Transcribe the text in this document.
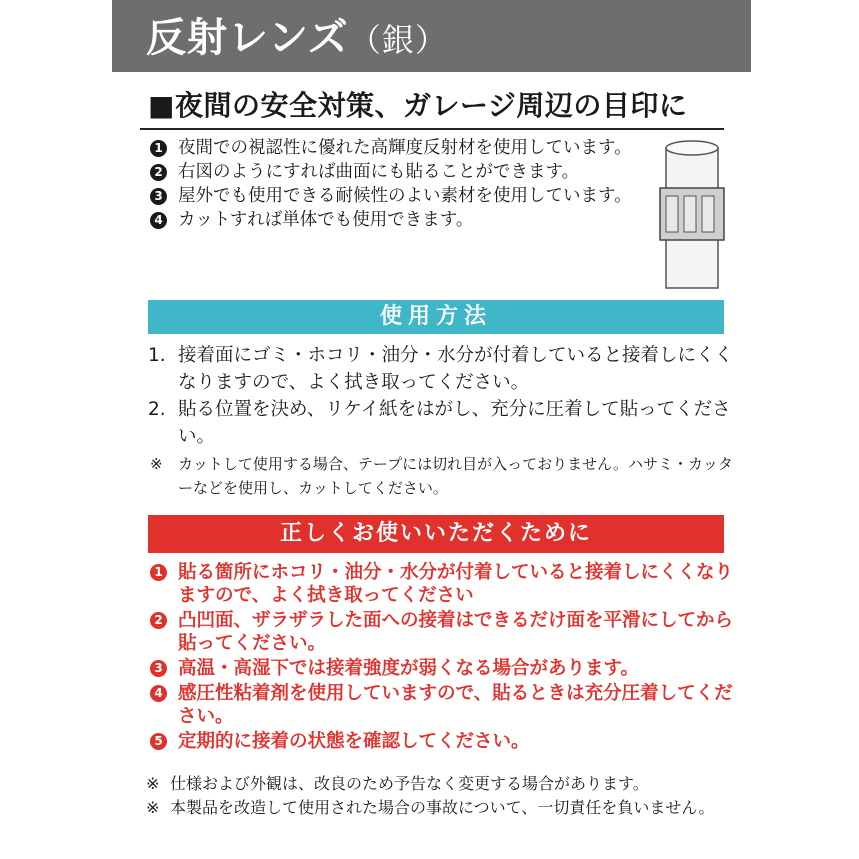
反射レンズ（銀）
■夜間の安全対策、ガレージ周辺の目印に
1 夜間での視認性に優れた高輝度反射材を使用しています。
2 右図のようにすれば曲面にも貼ることができます。
3 屋外でも使用できる耐候性のよい素材を使用しています。
4 カットすれば単体でも使用できます。
使用方法
1. 接着面にゴミ・ホコリ・油分・水分が付着していると接着しにくくなりますので、よく拭き取ってください。
2. 貼る位置を決め、リケイ紙をはがし、充分に圧着して貼ってください。
※ カットして使用する場合、テープには切れ目が入っておりません。ハサミ・カッターなどを使用し、カットしてください。
正しくお使いいただくために
1 貼る箇所にホコリ・油分・水分が付着していると接着しにくくなりますので、よく拭き取ってください
2 凸凹面、ザラザラした面への接着はできるだけ面を平滑にしてから貼ってください。
3 高温・高湿下では接着強度が弱くなる場合があります。
4 感圧性粘着剤を使用していますので、貼るときは充分圧着してください。
5 定期的に接着の状態を確認してください。
※ 仕様および外観は、改良のため予告なく変更する場合があります。
※ 本製品を改造して使用された場合の事故について、一切責任を負いません。
